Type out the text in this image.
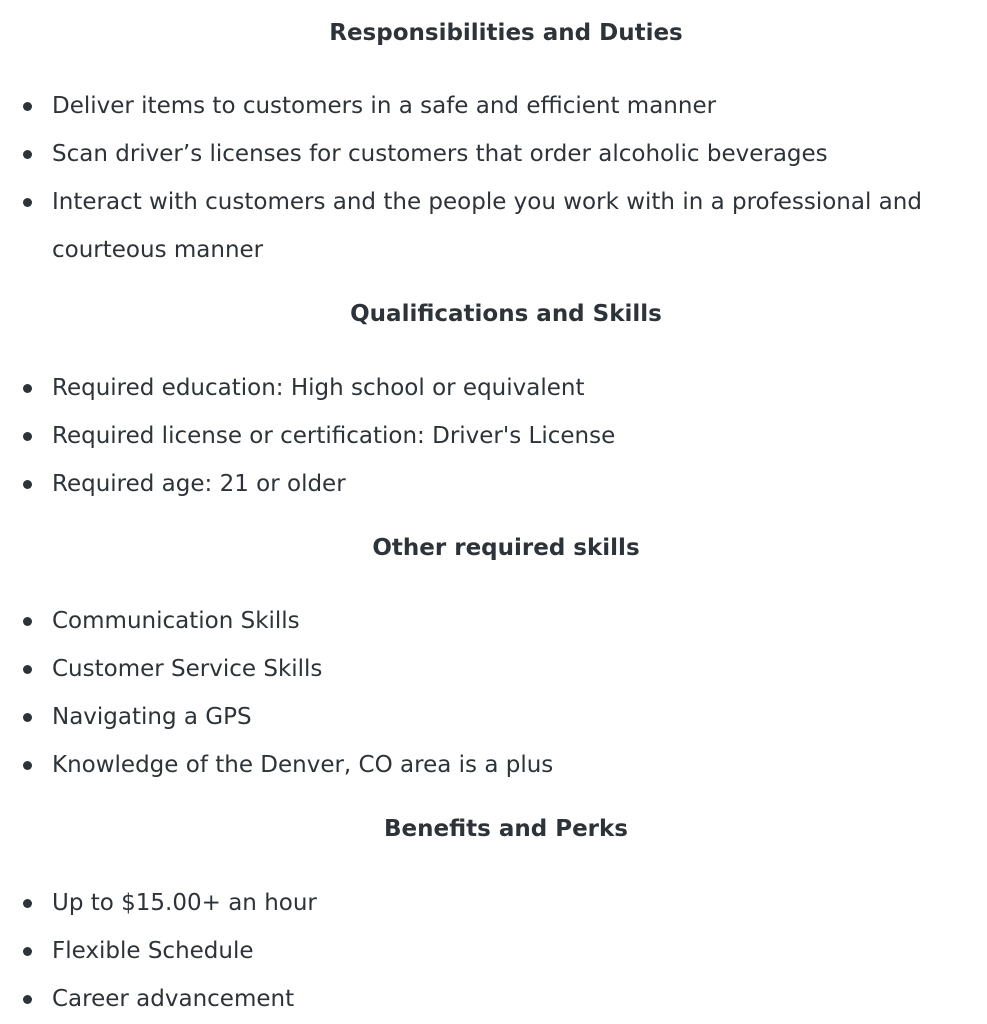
Responsibilities and Duties
Deliver items to customers in a safe and efficient manner
Scan driver’s licenses for customers that order alcoholic beverages
Interact with customers and the people you work with in a professional and courteous manner
Qualifications and Skills
Required education: High school or equivalent
Required license or certification: Driver's License
Required age: 21 or older
Other required skills
Communication Skills
Customer Service Skills
Navigating a GPS
Knowledge of the Denver, CO area is a plus
Benefits and Perks
Up to $15.00+ an hour
Flexible Schedule
Career advancement
